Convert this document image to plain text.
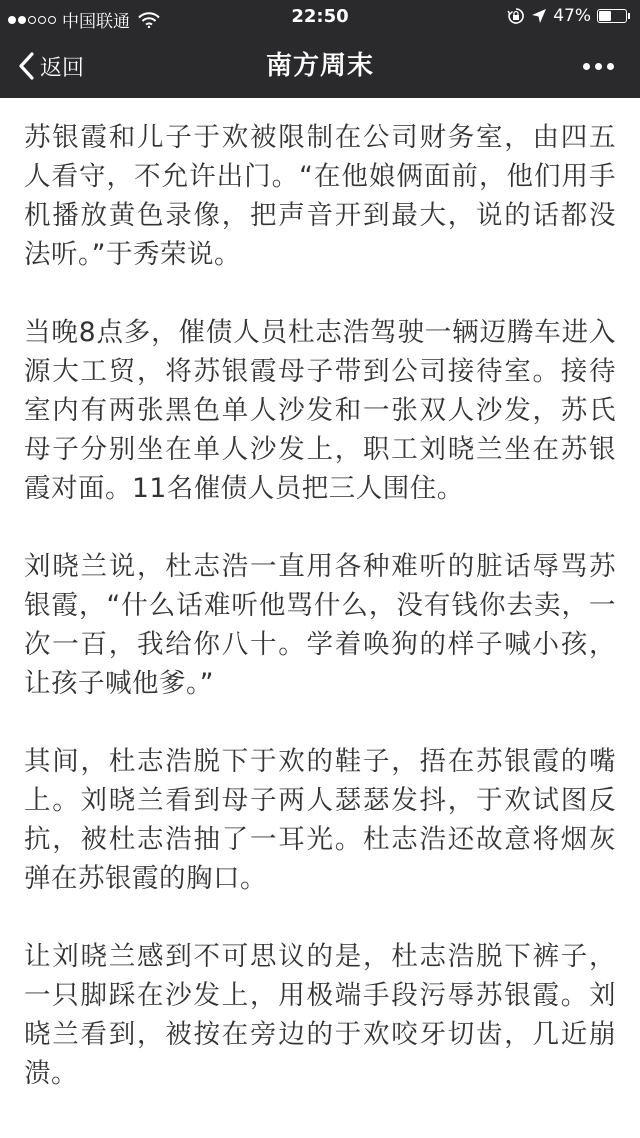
中国联通	22:50	47%
返回	南方周末

苏银霞和儿子于欢被限制在公司财务室，由四五人看守，不允许出门。“在他娘俩面前，他们用手机播放黄色录像，把声音开到最大，说的话都没法听。”于秀荣说。

当晚8点多，催债人员杜志浩驾驶一辆迈腾车进入源大工贸，将苏银霞母子带到公司接待室。接待室内有两张黑色单人沙发和一张双人沙发，苏氏母子分别坐在单人沙发上，职工刘晓兰坐在苏银霞对面。11名催债人员把三人围住。

刘晓兰说，杜志浩一直用各种难听的脏话辱骂苏银霞，“什么话难听他骂什么，没有钱你去卖，一次一百，我给你八十。学着唤狗的样子喊小孩，让孩子喊他爹。”

其间，杜志浩脱下于欢的鞋子，捂在苏银霞的嘴上。刘晓兰看到母子两人瑟瑟发抖，于欢试图反抗，被杜志浩抽了一耳光。杜志浩还故意将烟灰弹在苏银霞的胸口。

让刘晓兰感到不可思议的是，杜志浩脱下裤子，一只脚踩在沙发上，用极端手段污辱苏银霞。刘晓兰看到，被按在旁边的于欢咬牙切齿，几近崩溃。
